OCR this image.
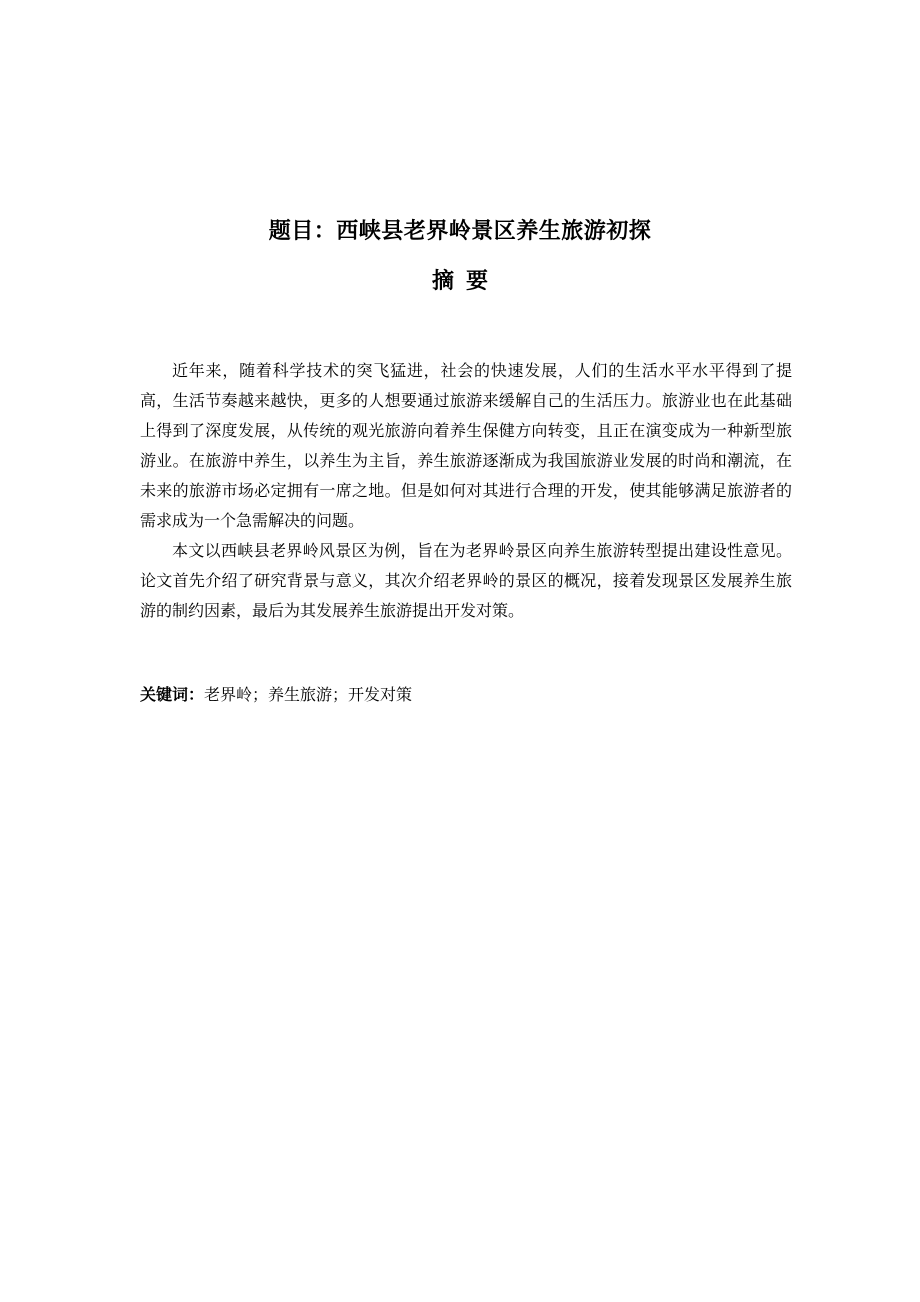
题目：西峡县老界岭景区养生旅游初探
摘要

近年来，随着科学技术的突飞猛进，社会的快速发展，人们的生活水平水平得到了提高，生活节奏越来越快，更多的人想要通过旅游来缓解自己的生活压力。旅游业也在此基础上得到了深度发展，从传统的观光旅游向着养生保健方向转变，且正在演变成为一种新型旅游业。在旅游中养生，以养生为主旨，养生旅游逐渐成为我国旅游业发展的时尚和潮流，在未来的旅游市场必定拥有一席之地。但是如何对其进行合理的开发，使其能够满足旅游者的需求成为一个急需解决的问题。

本文以西峡县老界岭风景区为例，旨在为老界岭景区向养生旅游转型提出建设性意见。论文首先介绍了研究背景与意义，其次介绍老界岭的景区的概况，接着发现景区发展养生旅游的制约因素，最后为其发展养生旅游提出开发对策。

关键词：老界岭；养生旅游；开发对策
